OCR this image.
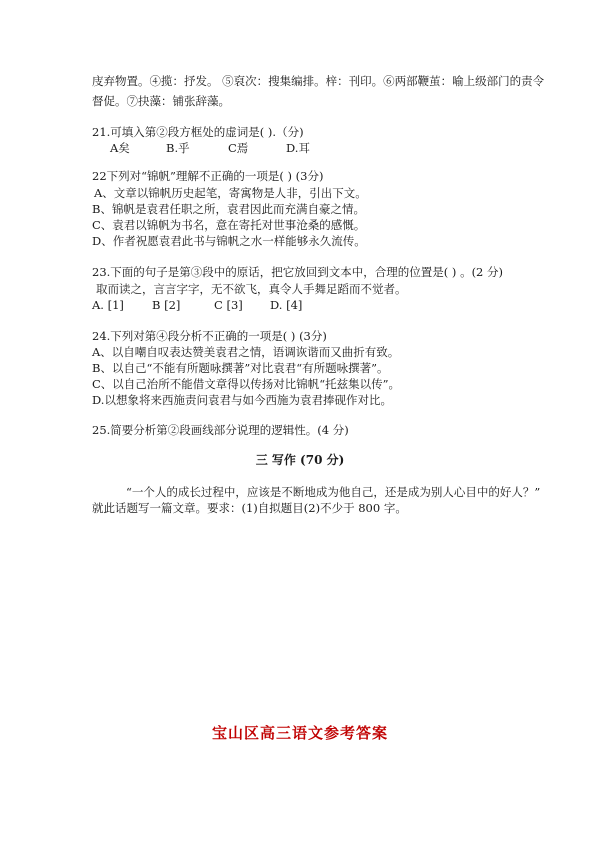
庋弃物置。④揽：抒发。 ⑤裒次：搜集编排。梓：刊印。⑥两部鞭茧：喻上级部门的责令
督促。⑦抉藻：铺张辞藻。
21.可填入第②段方框处的虚词是( ).（分)
A矣	B.乎	C焉	D.耳
22下列对“锦帆”理解不正确的一项是( ) (3分)
A、文章以锦帆历史起笔，寄寓物是人非，引出下文。
B、锦帆是袁君任职之所，袁君因此而充满自豪之情。
C、袁君以锦帆为书名，意在寄托对世事沧桑的感慨。
D、作者祝愿袁君此书与锦帆之水一样能够永久流传。
23.下面的句子是第③段中的原话，把它放回到文本中，合理的位置是( ) 。(2 分)
取而读之，言言字字，无不欲飞，真令人手舞足蹈而不觉者。
A. [1] B [2]	C [3] D. [4]
24.下列对第④段分析不正确的一项是( ) (3分)
A、以自嘲自叹表达赞美袁君之情，语调诙谐而又曲折有致。
B、以自己“不能有所题咏撰著”对比袁君“有所题咏撰著”。
C、以自己治所不能借文章得以传扬对比锦帆“托兹集以传”。
D.以想象将来西施责问袁君与如今西施为袁君捧砚作对比。
25.简要分析第②段画线部分说理的逻辑性。(4 分)
三 写作 (70 分)
“一个人的成长过程中，应该是不断地成为他自己，还是成为别人心目中的好人？”
就此话题写一篇文章。要求：(1)自拟题目(2)不少于 800 字。
宝山区高三语文参考答案
